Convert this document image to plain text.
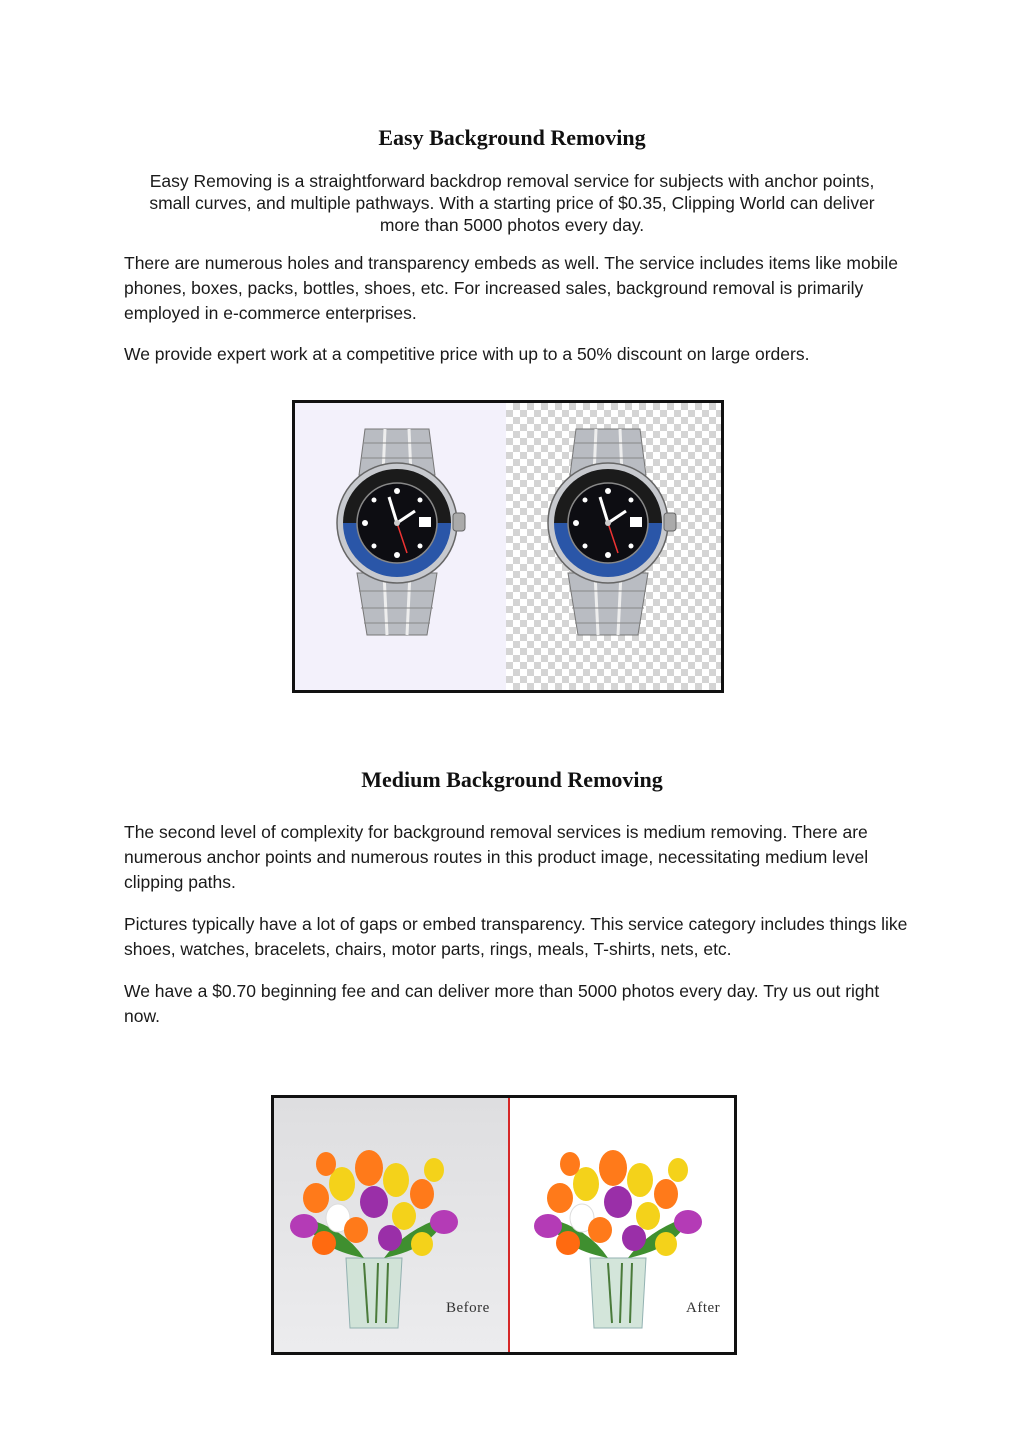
Easy Background Removing

Easy Removing is a straightforward backdrop removal service for subjects with anchor points, small curves, and multiple pathways. With a starting price of $0.35, Clipping World can deliver more than 5000 photos every day.

There are numerous holes and transparency embeds as well. The service includes items like mobile phones, boxes, packs, bottles, shoes, etc. For increased sales, background removal is primarily employed in e-commerce enterprises.

We provide expert work at a competitive price with up to a 50% discount on large orders.

Medium Background Removing

The second level of complexity for background removal services is medium removing. There are numerous anchor points and numerous routes in this product image, necessitating medium level clipping paths.

Pictures typically have a lot of gaps or embed transparency. This service category includes things like shoes, watches, bracelets, chairs, motor parts, rings, meals, T-shirts, nets, etc.

We have a $0.70 beginning fee and can deliver more than 5000 photos every day. Try us out right now.

Before	After
